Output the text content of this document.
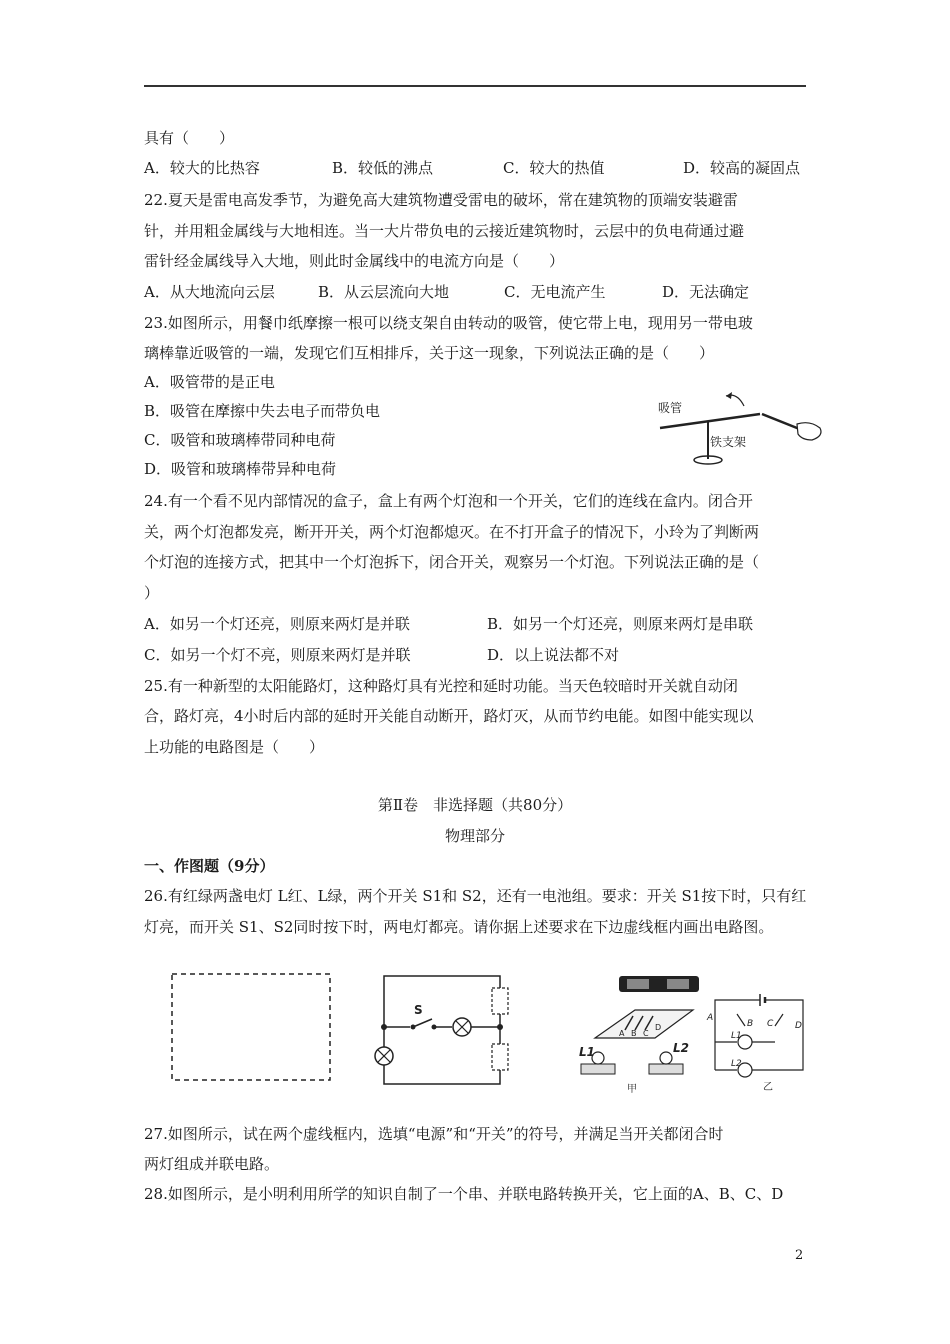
具有（　　）
A．较大的比热容	B．较低的沸点	C．较大的热值	D．较高的凝固点
22.夏天是雷电高发季节，为避免高大建筑物遭受雷电的破坏，常在建筑物的顶端安装避雷
针，并用粗金属线与大地相连。当一大片带负电的云接近建筑物时，云层中的负电荷通过避
雷针经金属线导入大地，则此时金属线中的电流方向是（　　）
A．从大地流向云层	B．从云层流向大地	C．无电流产生	D．无法确定
23.如图所示，用餐巾纸摩擦一根可以绕支架自由转动的吸管，使它带上电，现用另一带电玻
璃棒靠近吸管的一端，发现它们互相排斥，关于这一现象，下列说法正确的是（　　）
A．吸管带的是正电
B．吸管在摩擦中失去电子而带负电
C．吸管和玻璃棒带同种电荷
D．吸管和玻璃棒带异种电荷
吸管
铁支架
24.有一个看不见内部情况的盒子，盒上有两个灯泡和一个开关，它们的连线在盒内。闭合开
关，两个灯泡都发亮，断开开关，两个灯泡都熄灭。在不打开盒子的情况下，小玲为了判断两
个灯泡的连接方式，把其中一个灯泡拆下，闭合开关，观察另一个灯泡。下列说法正确的是（
）
A．如另一个灯还亮，则原来两灯是并联	B．如另一个灯还亮，则原来两灯是串联
C．如另一个灯不亮，则原来两灯是并联	D．以上说法都不对
25.有一种新型的太阳能路灯，这种路灯具有光控和延时功能。当天色较暗时开关就自动闭
合，路灯亮，4小时后内部的延时开关能自动断开，路灯灭，从而节约电能。如图中能实现以
上功能的电路图是（　　）
第Ⅱ卷　非选择题（共80分）
物理部分
一、作图题（9分）
26.有红绿两盏电灯 L红、L绿，两个开关 S1和 S2，还有一电池组。要求：开关 S1按下时，只有红
灯亮，而开关 S1、S2同时按下时，两电灯都亮。请你据上述要求在下边虚线框内画出电路图。
S
A B C
D
L1	L2
甲
A
B C D
L1
L2
乙
27.如图所示，试在两个虚线框内，选填“电源”和“开关”的符号，并满足当开关都闭合时
两灯组成并联电路。
28.如图所示，是小明利用所学的知识自制了一个串、并联电路转换开关，它上面的A、B、C、D
2
